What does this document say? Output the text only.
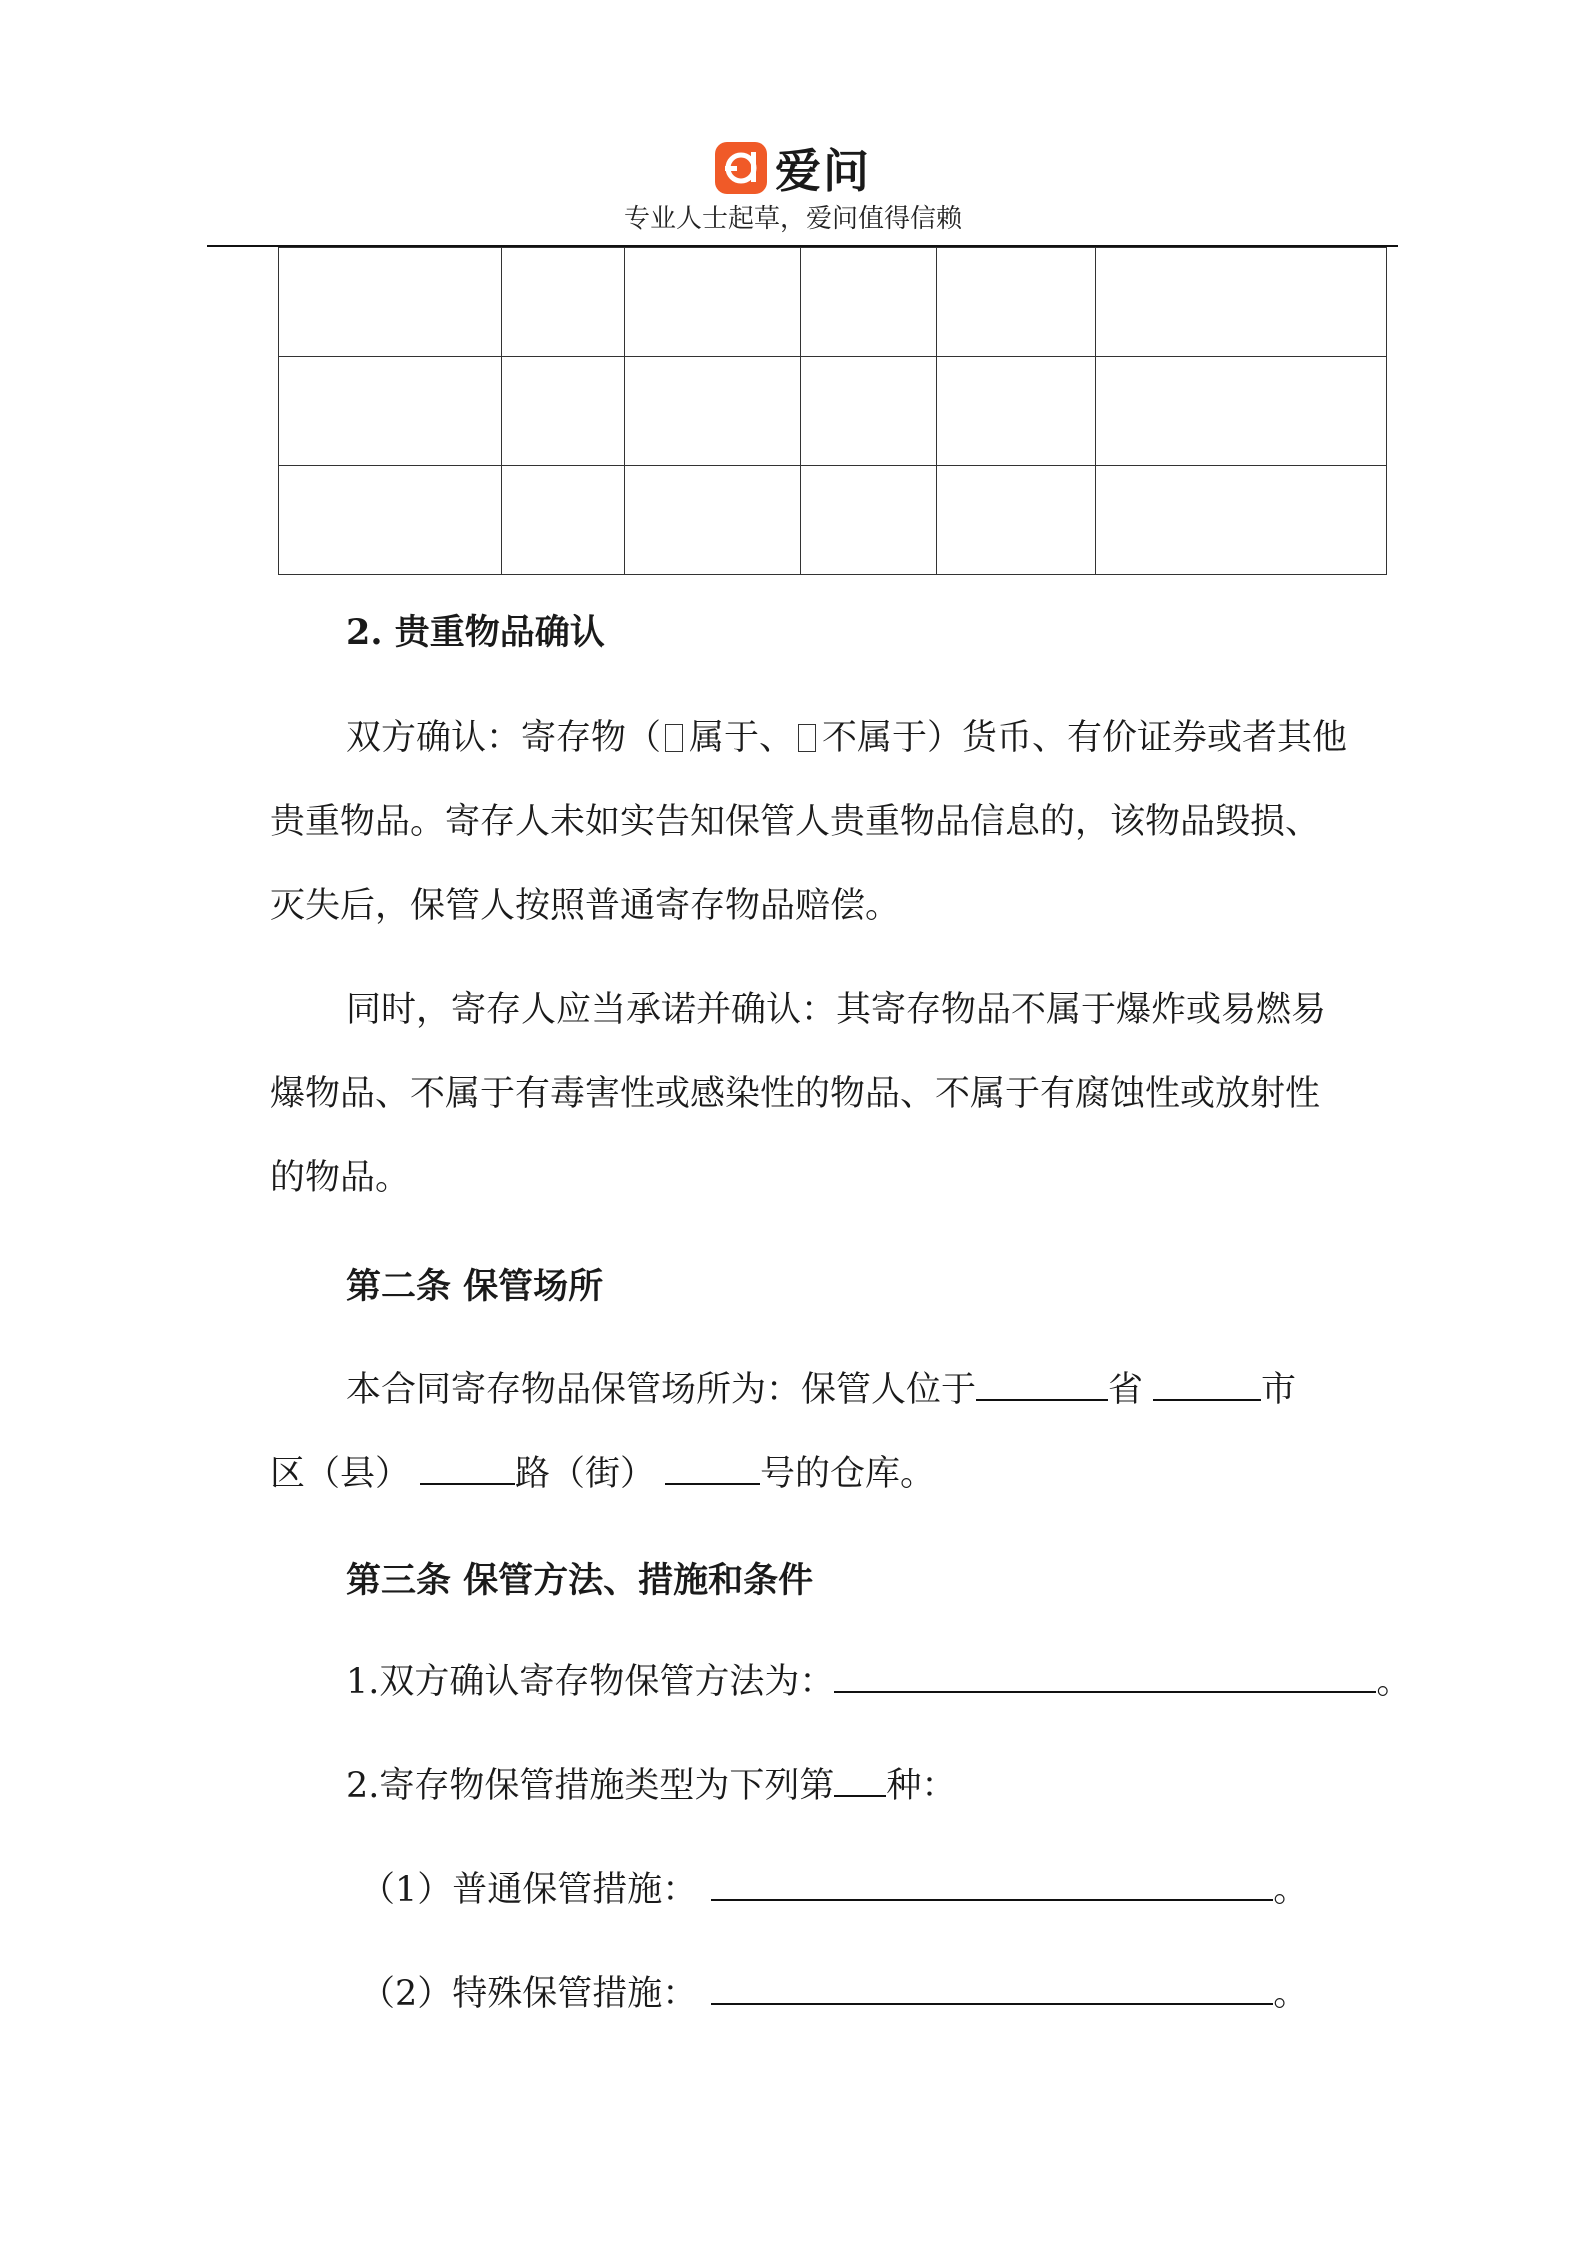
爱问
专业人士起草，爱问值得信赖

2. 贵重物品确认
双方确认：寄存物（ 属于、 不属于）货币、有价证券或者其他
贵重物品。寄存人未如实告知保管人贵重物品信息的，该物品毁损、
灭失后，保管人按照普通寄存物品赔偿。
同时，寄存人应当承诺并确认：其寄存物品不属于爆炸或易燃易
爆物品、不属于有毒害性或感染性的物品、不属于有腐蚀性或放射性
的物品。
第二条 保管场所
本合同寄存物品保管场所为：保管人位于	省	市
区（县）	路（街）	号的仓库。
第三条 保管方法、措施和条件
1.双方确认寄存物保管方法为：	。
2.寄存物保管措施类型为下列第 种：
（1）普通保管措施：	。
（2）特殊保管措施：	。
